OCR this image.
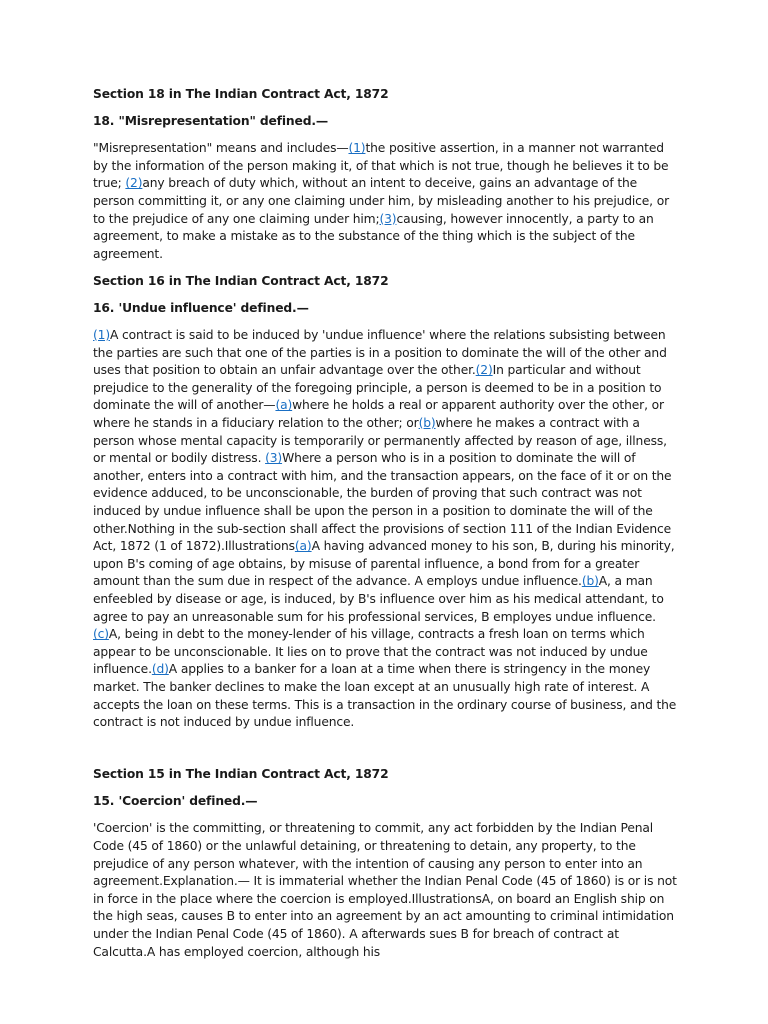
Section 18 in The Indian Contract Act, 1872
18. "Misrepresentation" defined.—
"Misrepresentation" means and includes—(1)the positive assertion, in a manner not warranted by the information of the person making it, of that which is not true, though he believes it to be true; (2)any breach of duty which, without an intent to deceive, gains an advantage of the person committing it, or any one claiming under him, by misleading another to his prejudice, or to the prejudice of any one claiming under him;(3)causing, however innocently, a party to an agreement, to make a mistake as to the substance of the thing which is the subject of the agreement.
Section 16 in The Indian Contract Act, 1872
16. 'Undue influence' defined.—
(1)A contract is said to be induced by 'undue influence' where the relations subsisting between the parties are such that one of the parties is in a position to dominate the will of the other and uses that position to obtain an unfair advantage over the other.(2)In particular and without prejudice to the generality of the foregoing principle, a person is deemed to be in a position to dominate the will of another—(a)where he holds a real or apparent authority over the other, or where he stands in a fiduciary relation to the other; or(b)where he makes a contract with a person whose mental capacity is temporarily or permanently affected by reason of age, illness, or mental or bodily distress. (3)Where a person who is in a position to dominate the will of another, enters into a contract with him, and the transaction appears, on the face of it or on the evidence adduced, to be unconscionable, the burden of proving that such contract was not induced by undue influence shall be upon the person in a position to dominate the will of the other.Nothing in the sub-section shall affect the provisions of section 111 of the Indian Evidence Act, 1872 (1 of 1872).Illustrations(a)A having advanced money to his son, B, during his minority, upon B's coming of age obtains, by misuse of parental influence, a bond from for a greater amount than the sum due in respect of the advance. A employs undue influence.(b)A, a man enfeebled by disease or age, is induced, by B's influence over him as his medical attendant, to agree to pay an unreasonable sum for his professional services, B employes undue influence.(c)A, being in debt to the money-lender of his village, contracts a fresh loan on terms which appear to be unconscionable. It lies on to prove that the contract was not induced by undue influence.(d)A applies to a banker for a loan at a time when there is stringency in the money market. The banker declines to make the loan except at an unusually high rate of interest. A accepts the loan on these terms. This is a transaction in the ordinary course of business, and the contract is not induced by undue influence.
Section 15 in The Indian Contract Act, 1872
15. 'Coercion' defined.—
'Coercion' is the committing, or threatening to commit, any act forbidden by the Indian Penal Code (45 of 1860) or the unlawful detaining, or threatening to detain, any property, to the prejudice of any person whatever, with the intention of causing any person to enter into an agreement.Explanation.— It is immaterial whether the Indian Penal Code (45 of 1860) is or is not in force in the place where the coercion is employed.IllustrationsA, on board an English ship on the high seas, causes B to enter into an agreement by an act amounting to criminal intimidation under the Indian Penal Code (45 of 1860). A afterwards sues B for breach of contract at Calcutta.A has employed coercion, although his
